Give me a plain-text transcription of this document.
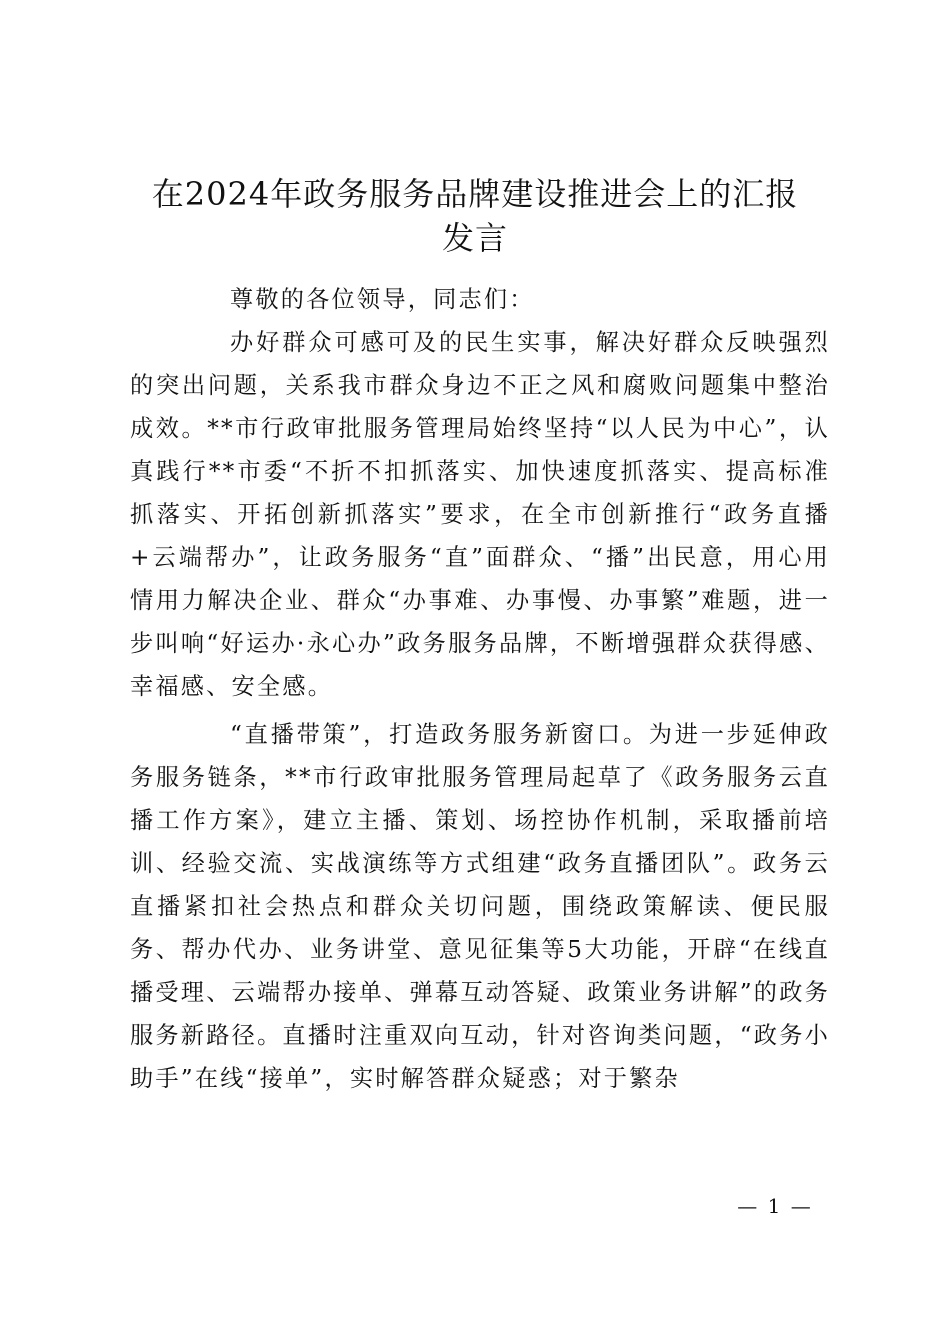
在2024年政务服务品牌建设推进会上的汇报
发言

尊敬的各位领导，同志们：

办好群众可感可及的民生实事，解决好群众反映强烈的突出问题，关系我市群众身边不正之风和腐败问题集中整治成效。**市行政审批服务管理局始终坚持“以人民为中心”，认真践行**市委“不折不扣抓落实、加快速度抓落实、提高标准抓落实、开拓创新抓落实”要求，在全市创新推行“政务直播+云端帮办”，让政务服务“直”面群众、“播”出民意，用心用情用力解决企业、群众“办事难、办事慢、办事繁”难题，进一步叫响“好运办·永心办”政务服务品牌，不断增强群众获得感、幸福感、安全感。

“直播带策”，打造政务服务新窗口。为进一步延伸政务服务链条，**市行政审批服务管理局起草了《政务服务云直播工作方案》，建立主播、策划、场控协作机制，采取播前培训、经验交流、实战演练等方式组建“政务直播团队”。政务云直播紧扣社会热点和群众关切问题，围绕政策解读、便民服务、帮办代办、业务讲堂、意见征集等5大功能，开辟“在线直播受理、云端帮办接单、弹幕互动答疑、政策业务讲解”的政务服务新路径。直播时注重双向互动，针对咨询类问题，“政务小助手”在线“接单”，实时解答群众疑惑；对于繁杂

— 1 —
